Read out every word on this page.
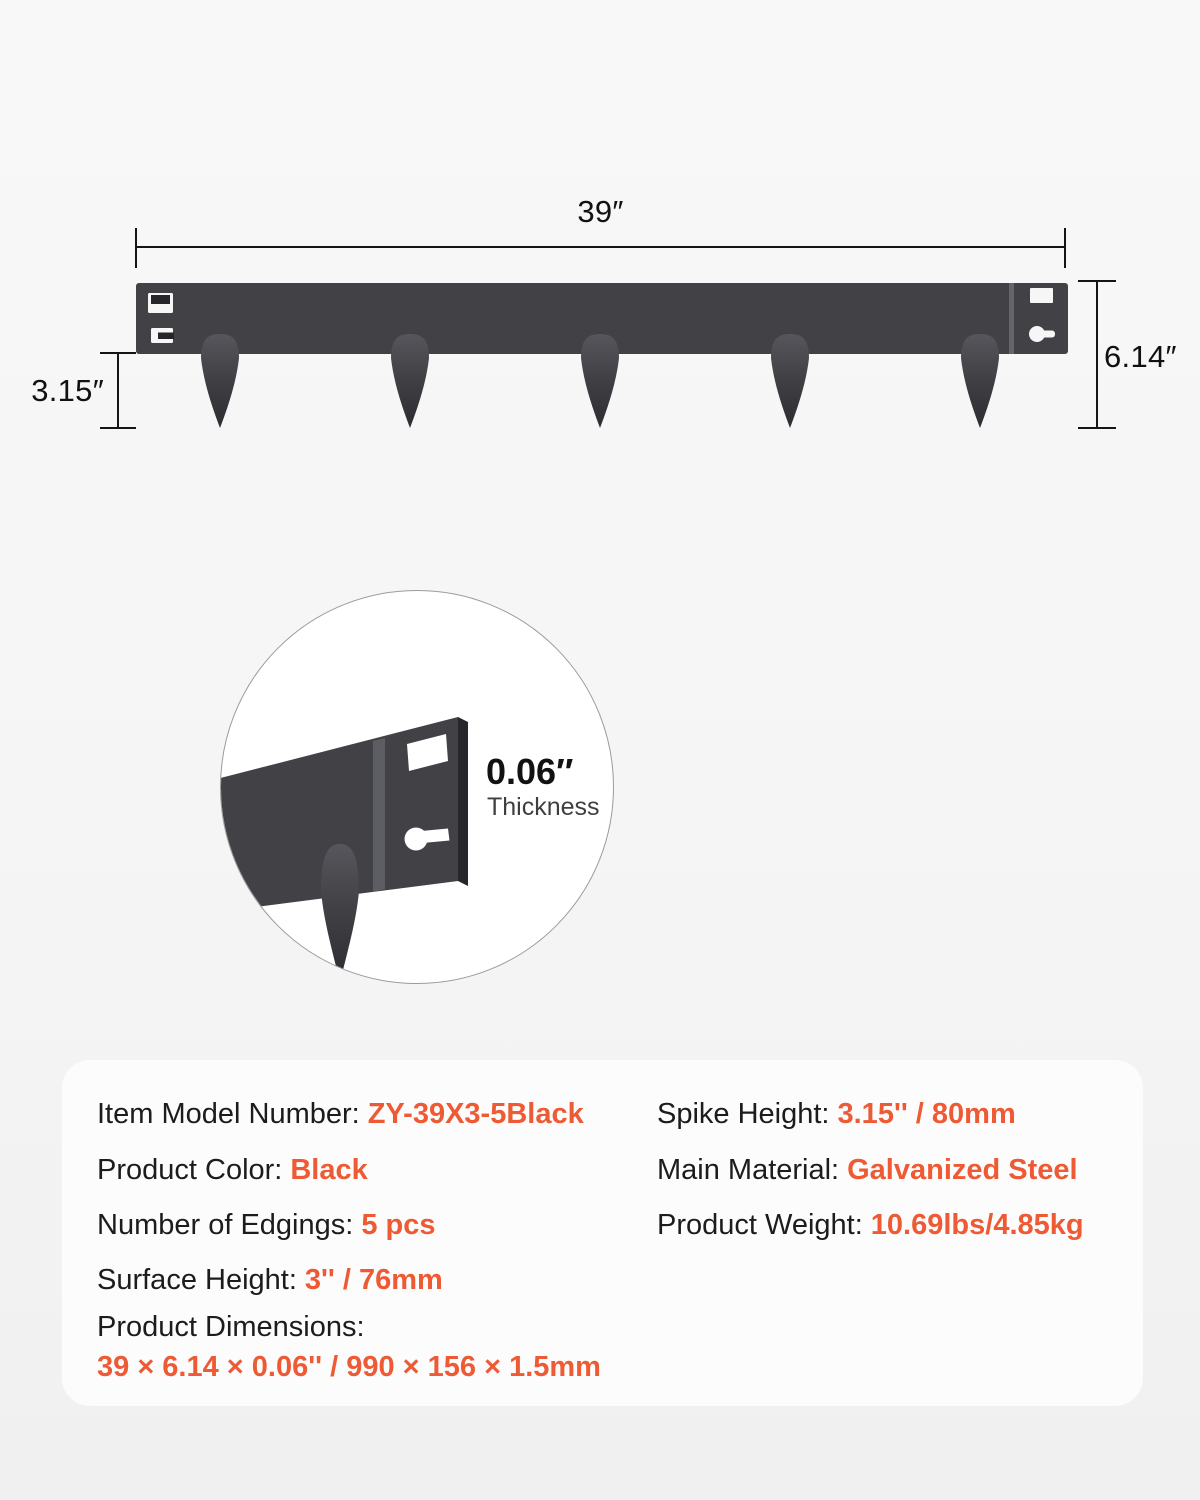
39″
3.15″
6.14″
0.06″
Thickness
Item Model Number: ZY-39X3-5Black
Product Color: Black
Number of Edgings: 5 pcs
Surface Height: 3'' / 76mm
Product Dimensions:
39 × 6.14 × 0.06'' / 990 × 156 × 1.5mm
Spike Height: 3.15'' / 80mm
Main Material: Galvanized Steel
Product Weight: 10.69lbs/4.85kg
